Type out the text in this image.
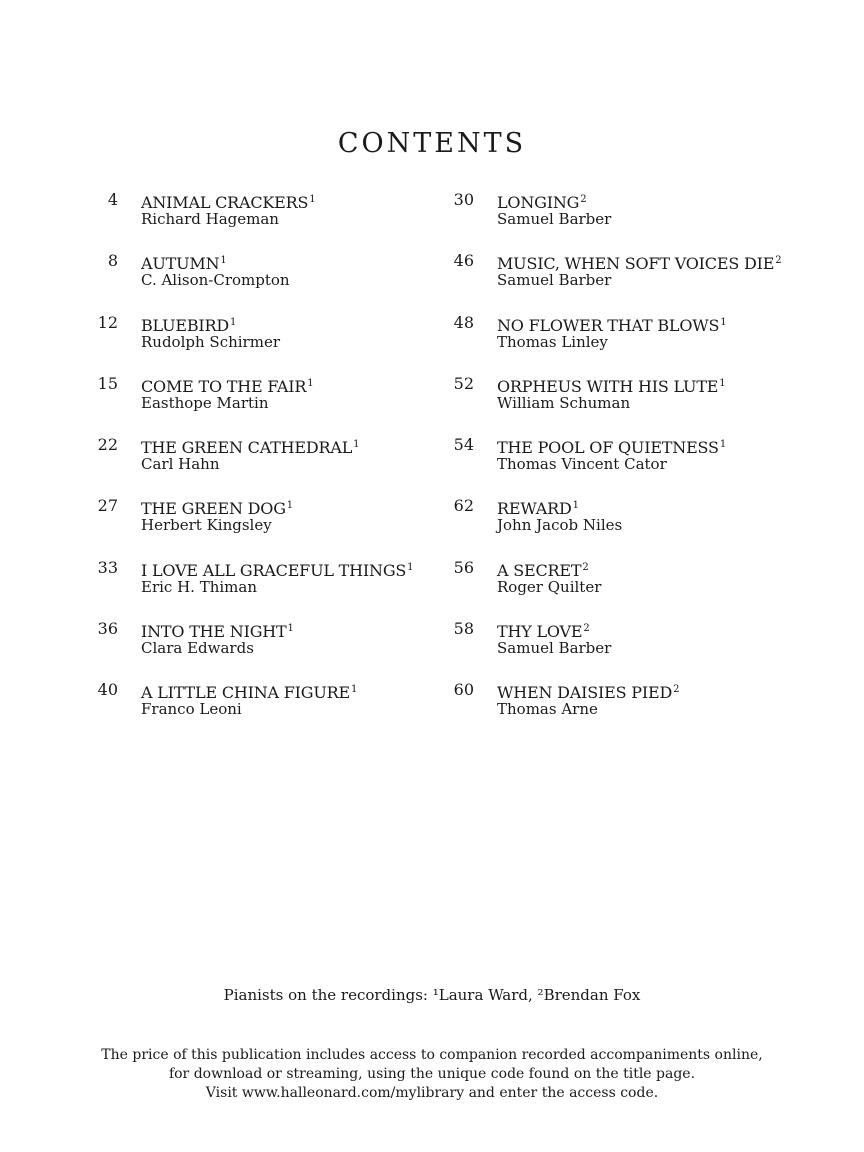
CONTENTS
4 ANIMAL CRACKERS$^1$
Richard Hageman
8 AUTUMN$^1$
C. Alison-Crompton
12 BLUEBIRD$^1$
Rudolph Schirmer
15 COME TO THE FAIR$^1$
Easthope Martin
22 THE GREEN CATHEDRAL$^1$
Carl Hahn
27 THE GREEN DOG$^1$
Herbert Kingsley
33 I LOVE ALL GRACEFUL THINGS$^1$
Eric H. Thiman
36 INTO THE NIGHT$^1$
Clara Edwards
40 A LITTLE CHINA FIGURE$^1$
Franco Leoni
30 LONGING$^2$
Samuel Barber
46 MUSIC, WHEN SOFT VOICES DIE$^2$
Samuel Barber
48 NO FLOWER THAT BLOWS$^1$
Thomas Linley
52 ORPHEUS WITH HIS LUTE$^1$
William Schuman
54 THE POOL OF QUIETNESS$^1$
Thomas Vincent Cator
62 REWARD$^1$
John Jacob Niles
56 A SECRET$^2$
Roger Quilter
58 THY LOVE$^2$
Samuel Barber
60 WHEN DAISIES PIED$^2$
Thomas Arne
Pianists on the recordings: ¹Laura Ward, ²Brendan Fox
The price of this publication includes access to companion recorded accompaniments online,
for download or streaming, using the unique code found on the title page.
Visit www.halleonard.com/mylibrary and enter the access code.
